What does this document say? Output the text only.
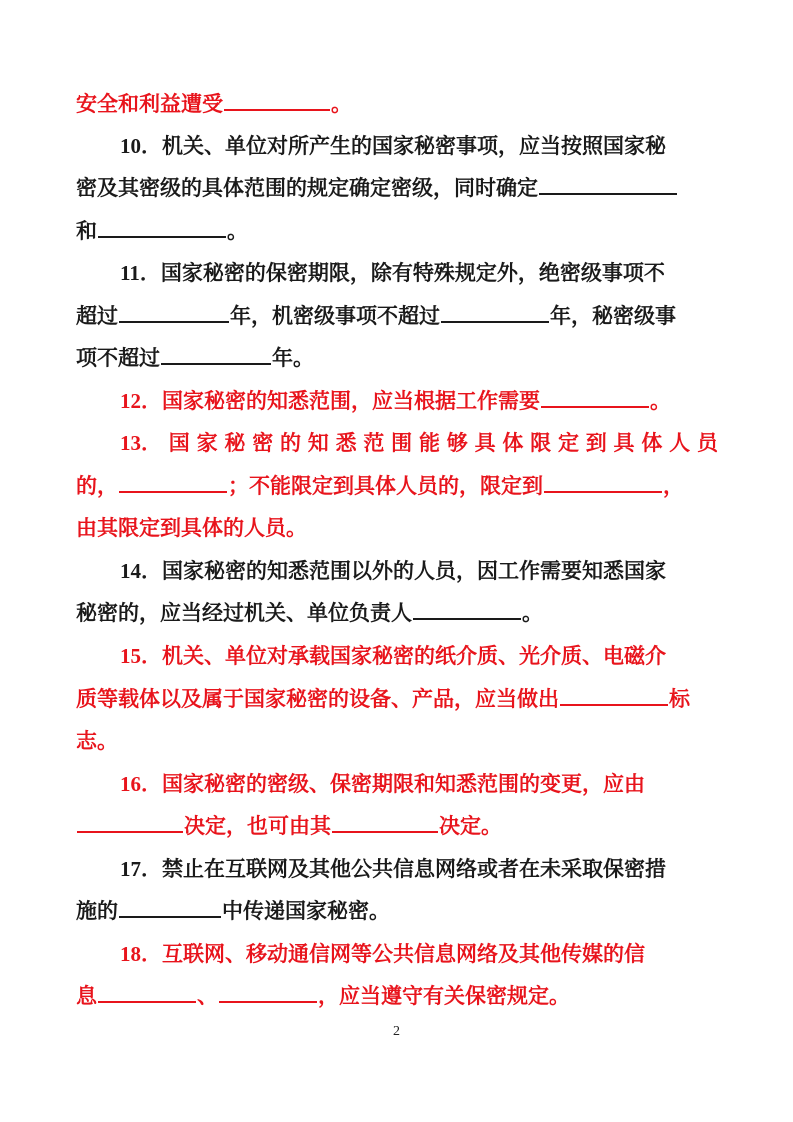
安全和利益遭受	。
10．机关、单位对所产生的国家秘密事项，应当按照国家秘
密及其密级的具体范围的规定确定密级，同时确定
和	。
11．国家秘密的保密期限，除有特殊规定外，绝密级事项不
超过	年，机密级事项不超过	年，秘密级事
项不超过	年。
12．国家秘密的知悉范围，应当根据工作需要	。
13． 国 家 秘 密 的 知 悉 范 围 能 够 具 体 限 定 到 具 体 人 员
的，	；不能限定到具体人员的，限定到	，
由其限定到具体的人员。
14．国家秘密的知悉范围以外的人员，因工作需要知悉国家
秘密的，应当经过机关、单位负责人	。
15．机关、单位对承载国家秘密的纸介质、光介质、电磁介
质等载体以及属于国家秘密的设备、产品，应当做出	标
志。
16．国家秘密的密级、保密期限和知悉范围的变更，应由
决定，也可由其	决定。
17．禁止在互联网及其他公共信息网络或者在未采取保密措
施的	中传递国家秘密。
18．互联网、移动通信网等公共信息网络及其他传媒的信
息	、	，应当遵守有关保密规定。
2
